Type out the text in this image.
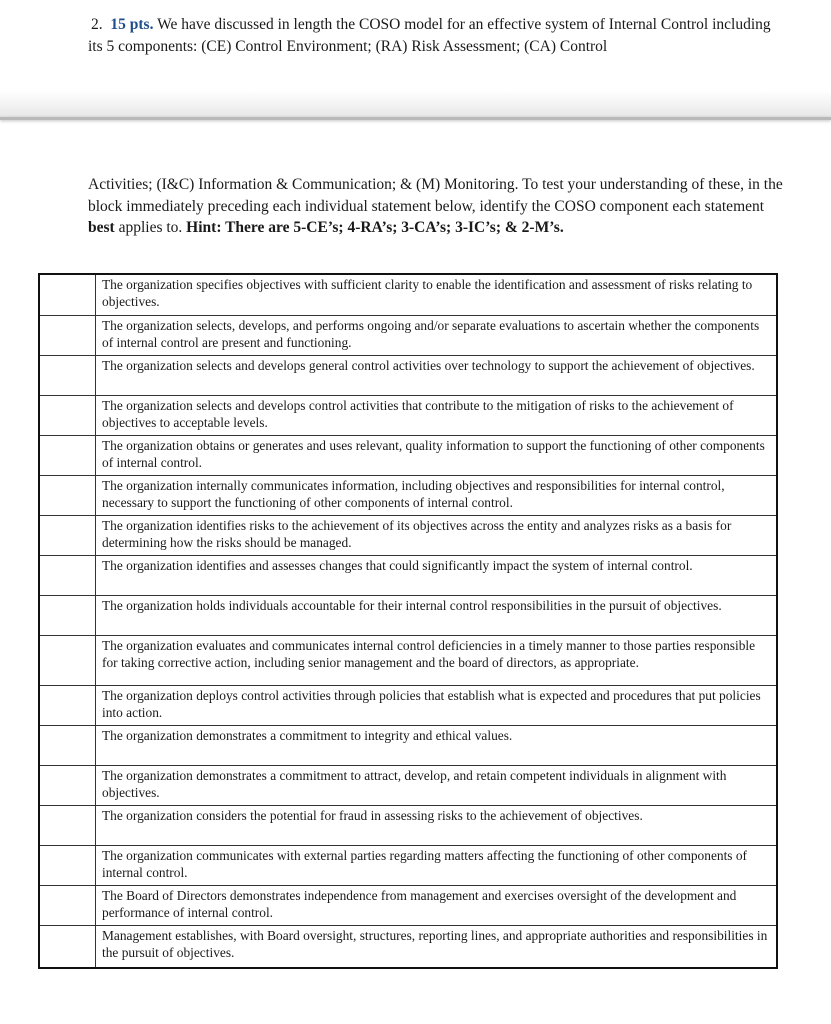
2. 15 pts. We have discussed in length the COSO model for an effective system of Internal Control including its 5 components: (CE) Control Environment; (RA) Risk Assessment; (CA) Control
Activities; (I&C) Information & Communication; & (M) Monitoring. To test your understanding of these, in the block immediately preceding each individual statement below, identify the COSO component each statement best applies to. Hint: There are 5-CE’s; 4-RA’s; 3-CA’s; 3-IC’s; & 2-M’s.
The organization specifies objectives with sufficient clarity to enable the identification and assessment of risks relating to objectives.
The organization selects, develops, and performs ongoing and/or separate evaluations to ascertain whether the components of internal control are present and functioning.
The organization selects and develops general control activities over technology to support the achievement of objectives.
The organization selects and develops control activities that contribute to the mitigation of risks to the achievement of objectives to acceptable levels.
The organization obtains or generates and uses relevant, quality information to support the functioning of other components of internal control.
The organization internally communicates information, including objectives and responsibilities for internal control, necessary to support the functioning of other components of internal control.
The organization identifies risks to the achievement of its objectives across the entity and analyzes risks as a basis for determining how the risks should be managed.
The organization identifies and assesses changes that could significantly impact the system of internal control.
The organization holds individuals accountable for their internal control responsibilities in the pursuit of objectives.
The organization evaluates and communicates internal control deficiencies in a timely manner to those parties responsible for taking corrective action, including senior management and the board of directors, as appropriate.
The organization deploys control activities through policies that establish what is expected and procedures that put policies into action.
The organization demonstrates a commitment to integrity and ethical values.
The organization demonstrates a commitment to attract, develop, and retain competent individuals in alignment with objectives.
The organization considers the potential for fraud in assessing risks to the achievement of objectives.
The organization communicates with external parties regarding matters affecting the functioning of other components of internal control.
The Board of Directors demonstrates independence from management and exercises oversight of the development and performance of internal control.
Management establishes, with Board oversight, structures, reporting lines, and appropriate authorities and responsibilities in the pursuit of objectives.
